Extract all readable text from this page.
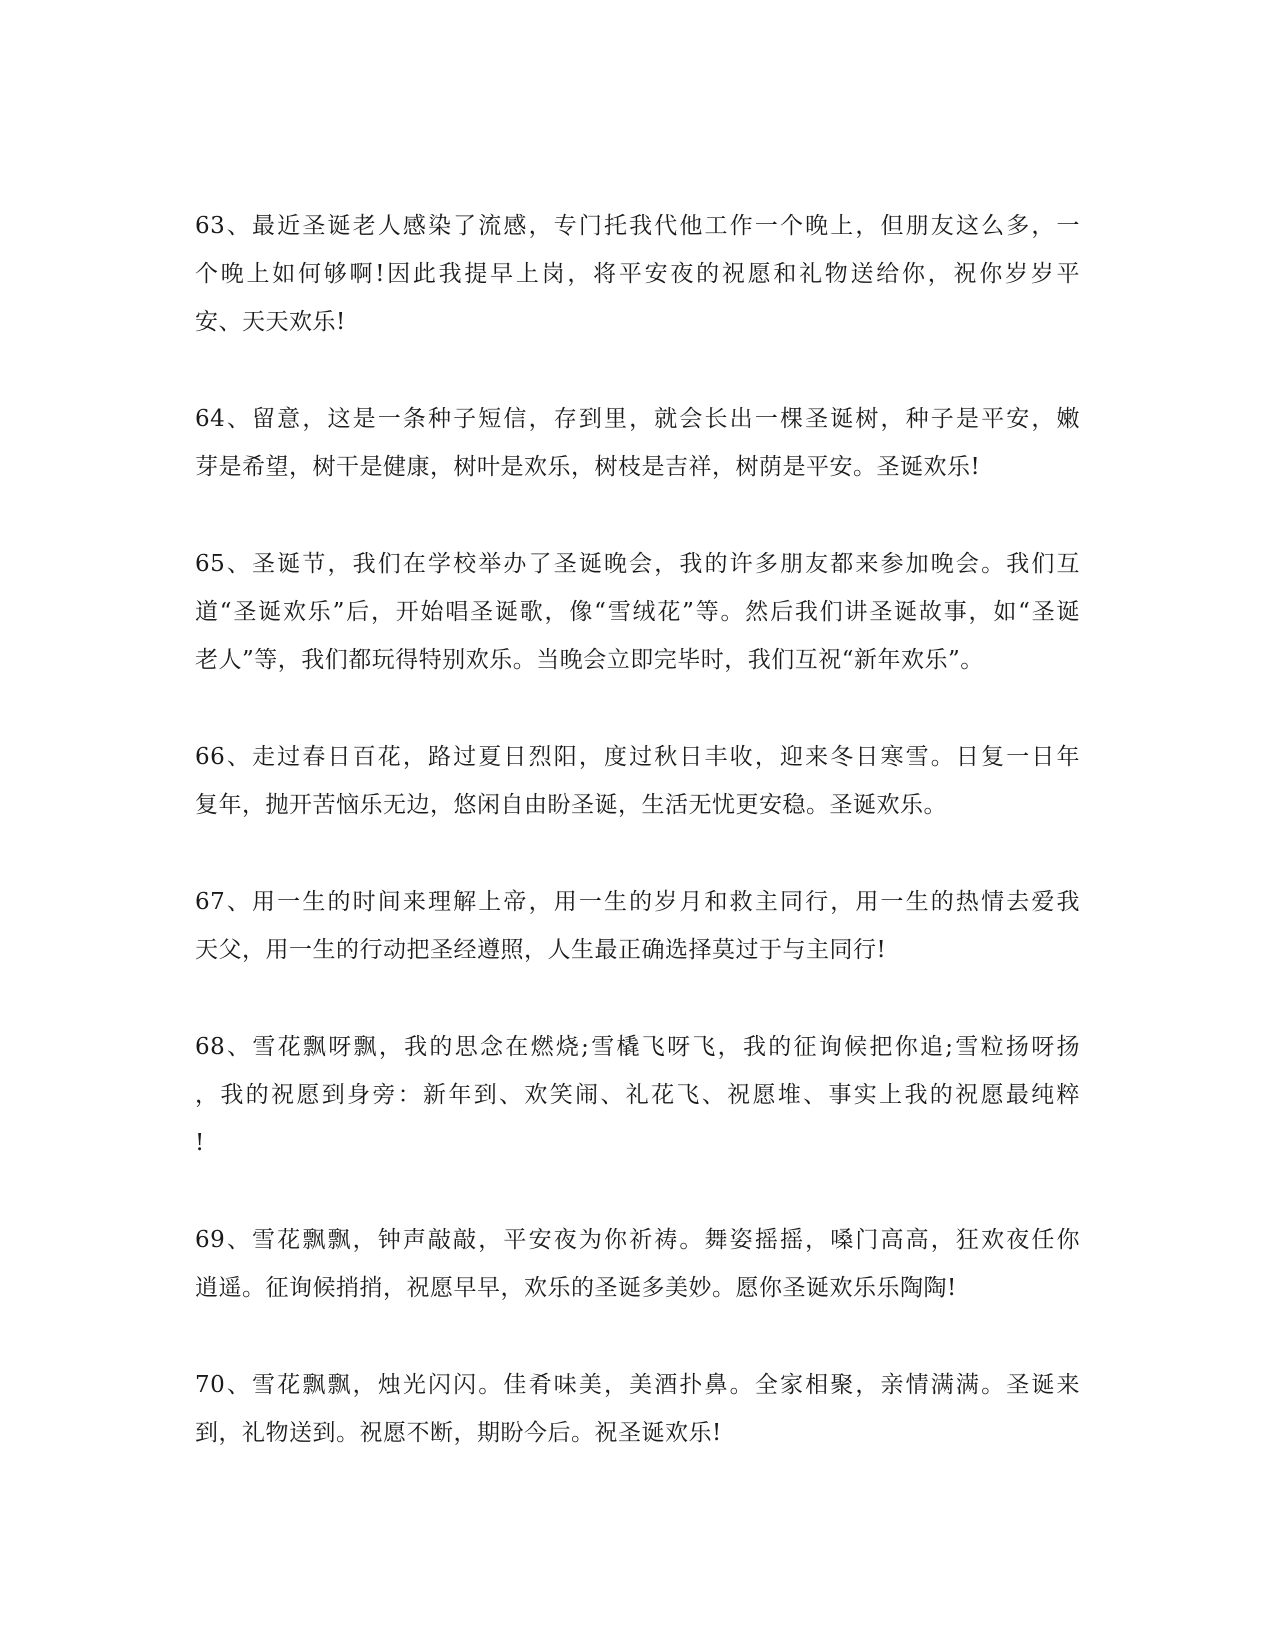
63、最近圣诞老人感染了流感，专门托我代他工作一个晚上，但朋友这么多，一
个晚上如何够啊!因此我提早上岗，将平安夜的祝愿和礼物送给你，祝你岁岁平
安、天天欢乐!
64、留意，这是一条种子短信，存到里，就会长出一棵圣诞树，种子是平安，嫩
芽是希望，树干是健康，树叶是欢乐，树枝是吉祥，树荫是平安。圣诞欢乐!
65、圣诞节，我们在学校举办了圣诞晚会，我的许多朋友都来参加晚会。我们互
道“圣诞欢乐”后，开始唱圣诞歌，像“雪绒花”等。然后我们讲圣诞故事，如“圣诞
老人”等，我们都玩得特别欢乐。当晚会立即完毕时，我们互祝“新年欢乐”。
66、走过春日百花，路过夏日烈阳，度过秋日丰收，迎来冬日寒雪。日复一日年
复年，抛开苦恼乐无边，悠闲自由盼圣诞，生活无忧更安稳。圣诞欢乐。
67、用一生的时间来理解上帝，用一生的岁月和救主同行，用一生的热情去爱我
天父，用一生的行动把圣经遵照，人生最正确选择莫过于与主同行!
68、雪花飘呀飘，我的思念在燃烧;雪橇飞呀飞，我的征询候把你追;雪粒扬呀扬
，我的祝愿到身旁：新年到、欢笑闹、礼花飞、祝愿堆、事实上我的祝愿最纯粹
!
69、雪花飘飘，钟声敲敲，平安夜为你祈祷。舞姿摇摇，嗓门高高，狂欢夜任你
逍遥。征询候捎捎，祝愿早早，欢乐的圣诞多美妙。愿你圣诞欢乐乐陶陶!
70、雪花飘飘，烛光闪闪。佳肴味美，美酒扑鼻。全家相聚，亲情满满。圣诞来
到，礼物送到。祝愿不断，期盼今后。祝圣诞欢乐!
